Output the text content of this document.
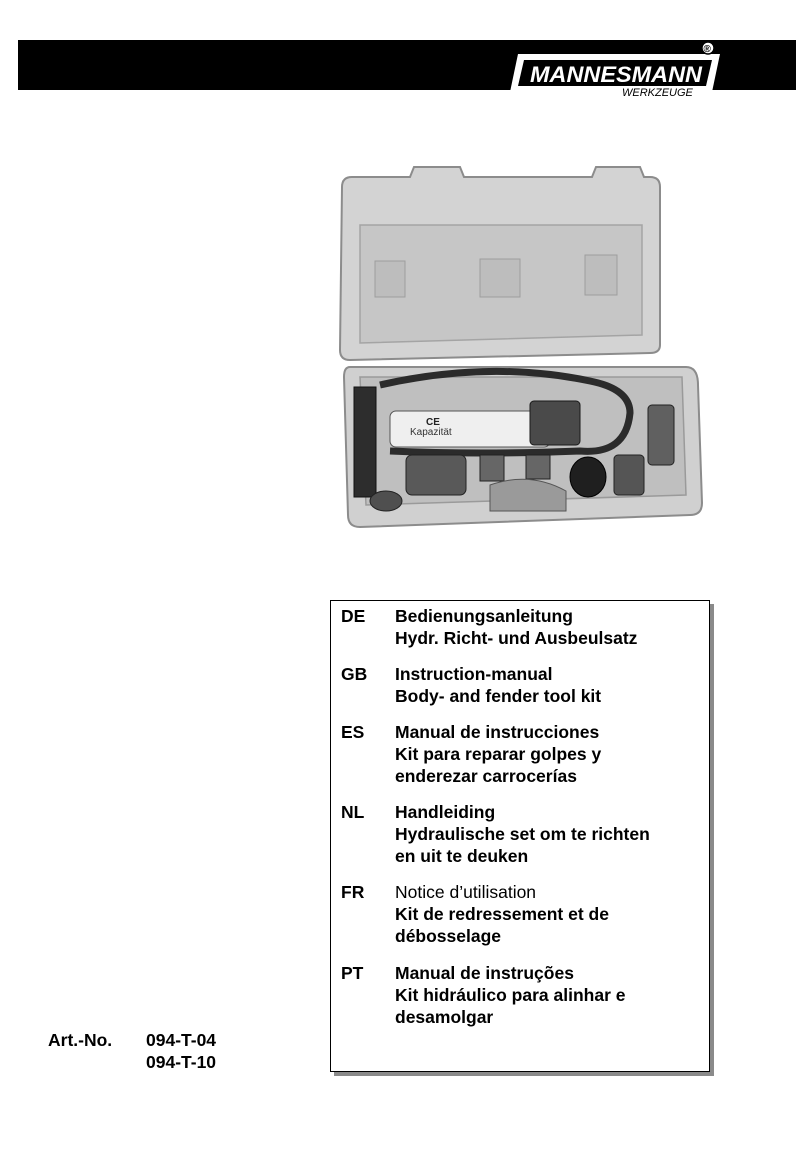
BRÜDER
MANNESMANN
WERKZEUGE
®
Kapazität
CE
DE	Bedienungsanleitung
Hydr. Richt- und Ausbeulsatz
GB	Instruction-manual
Body- and fender tool kit
ES	Manual de instrucciones
Kit para reparar golpes y
enderezar carrocerías
NL	Handleiding
Hydraulische set om te richten
en uit te deuken
FR	Notice d’utilisation
Kit de redressement et de
débosselage
PT	Manual de instruções
Kit hidráulico para alinhar e
desamolgar
Art.-No. 094-T-04
094-T-10
